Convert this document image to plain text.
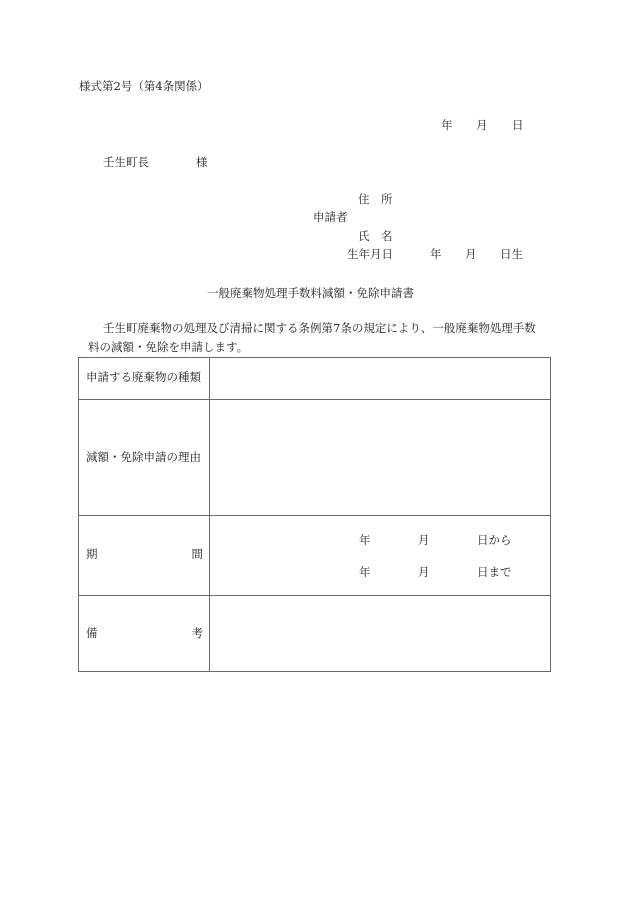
様式第2号（第4条関係）
年 月 日
壬生町長	様
住　所
申請者
氏　名
生年月日	年 月 日生
一般廃棄物処理手数料減額・免除申請書
壬生町廃棄物の処理及び清掃に関する条例第7条の規定により、一般廃棄物処理手数
料の減額・免除を申請します。
申請する廃棄物の種類
減額・免除申請の理由
期	間
年	月	日から
年	月	日まで
備	考
